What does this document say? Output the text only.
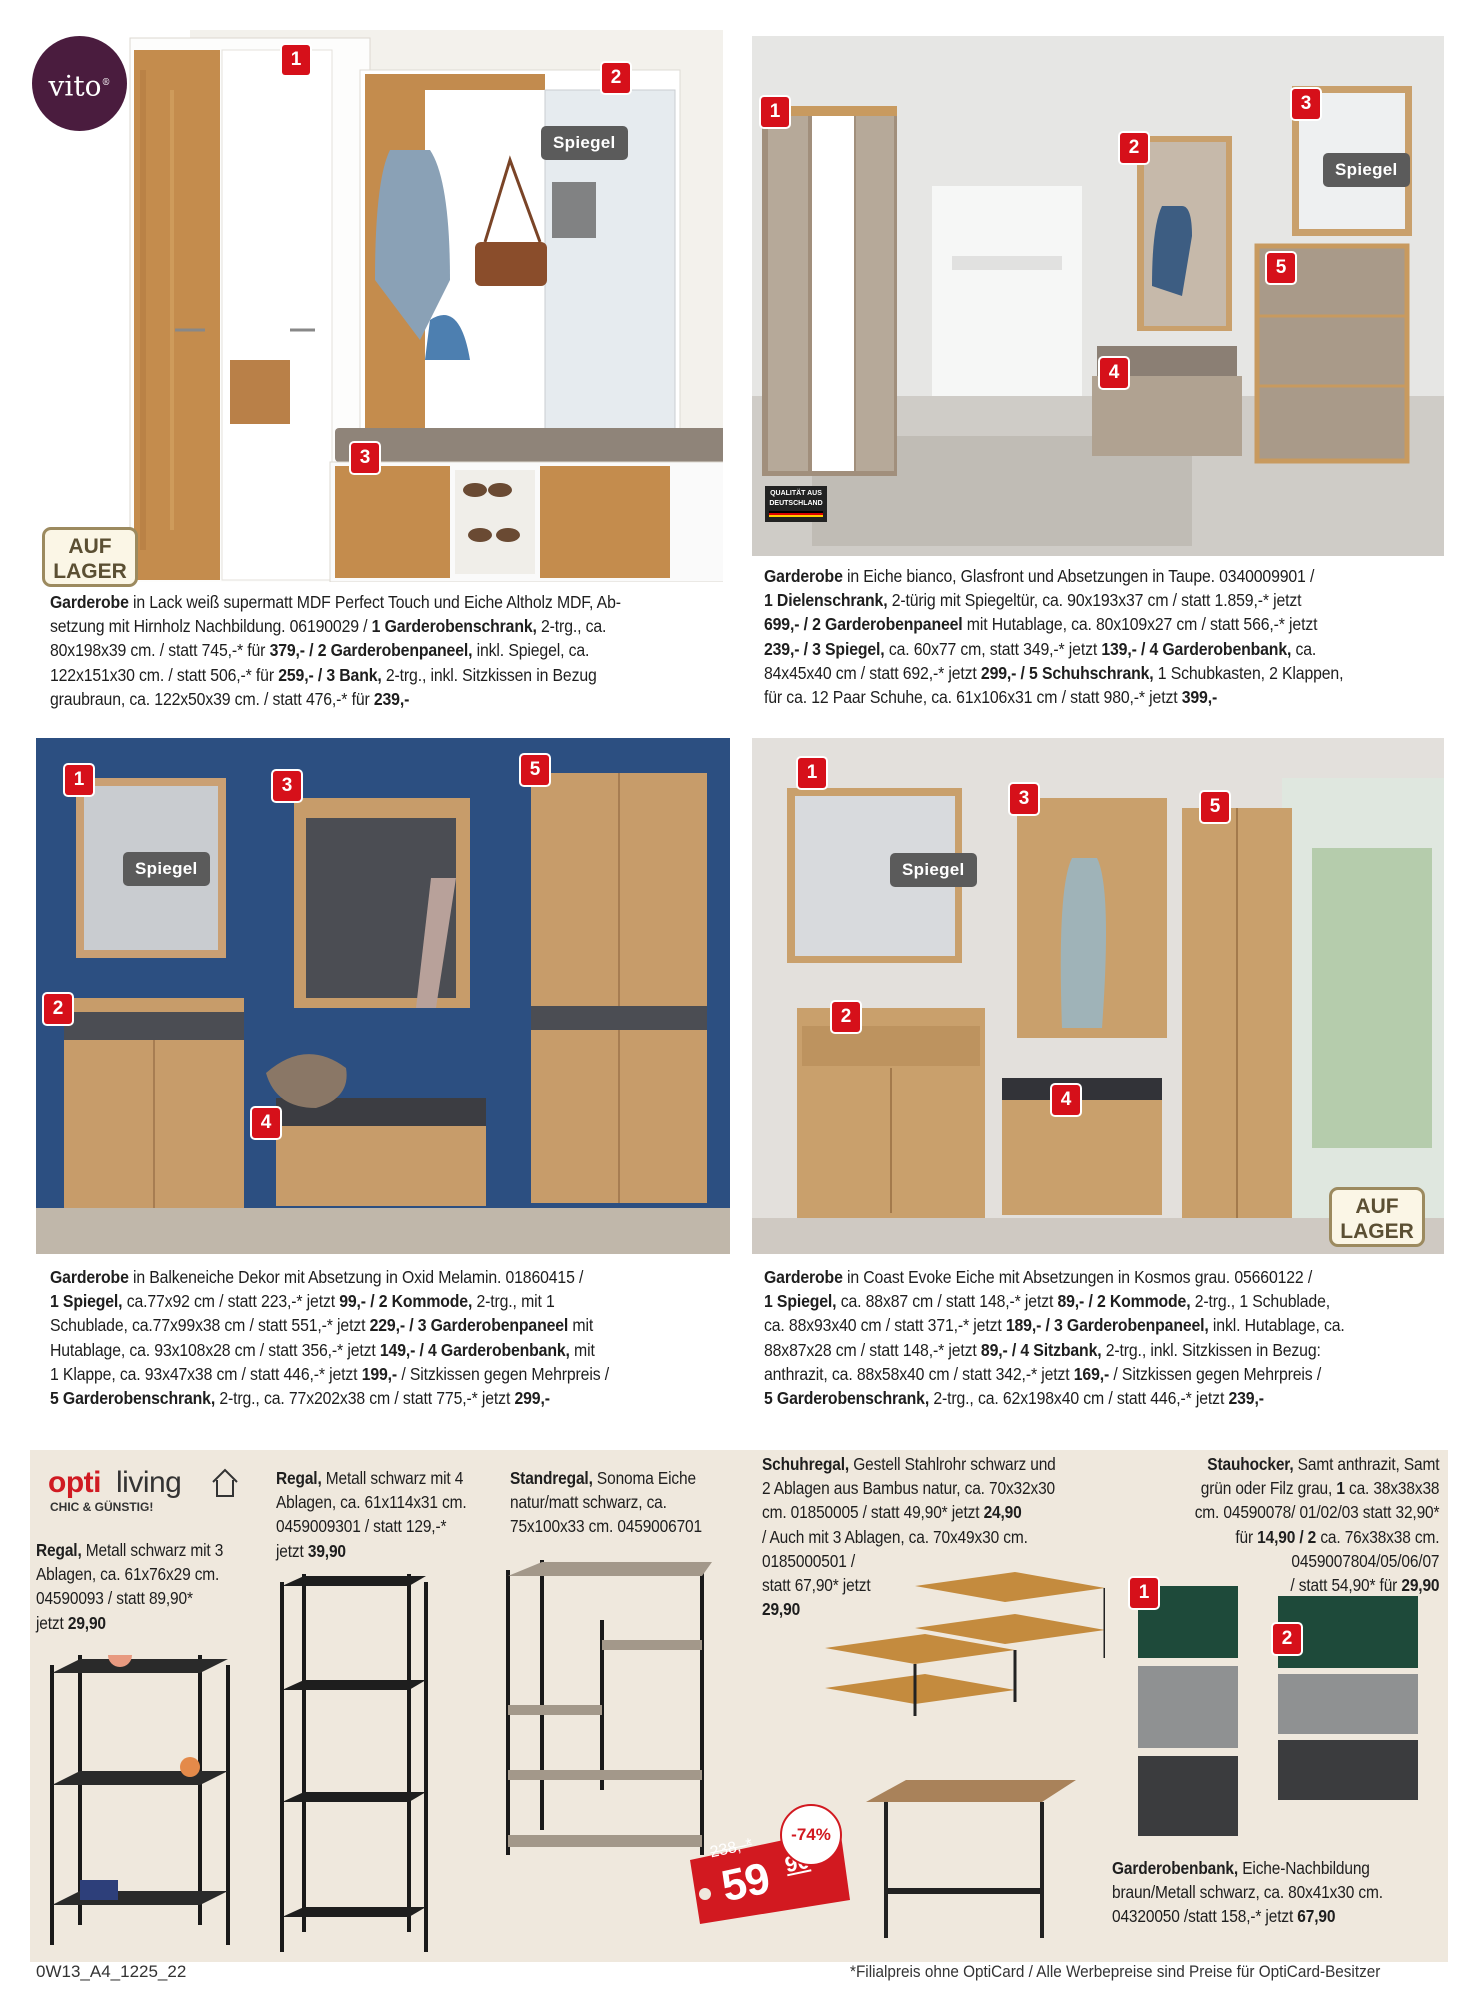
vito®
1
2
3
Spiegel
AUF
LAGER
1
2
3
4
5
Spiegel
QUALITÄT AUS
DEUTSCHLAND
1
2
3
4
5
Spiegel
1
2
3
4
5
Spiegel
AUF
LAGER
Garderobe in Lack weiß supermatt MDF Perfect Touch und Eiche Altholz MDF, Ab-
setzung mit Hirnholz Nachbildung. 06190029 / 1 Garderobenschrank, 2-trg., ca.
80x198x39 cm. / statt 745,-* für 379,- / 2 Garderobenpaneel, inkl. Spiegel, ca.
122x151x30 cm. / statt 506,-* für 259,- / 3 Bank, 2-trg., inkl. Sitzkissen in Bezug
graubraun, ca. 122x50x39 cm. / statt 476,-* für 239,-
Garderobe in Eiche bianco, Glasfront und Absetzungen in Taupe. 0340009901 /
1 Dielenschrank, 2-türig mit Spiegeltür, ca. 90x193x37 cm / statt 1.859,-* jetzt
699,- / 2 Garderobenpaneel mit Hutablage, ca. 80x109x27 cm / statt 566,-* jetzt
239,- / 3 Spiegel, ca. 60x77 cm, statt 349,-* jetzt 139,- / 4 Garderobenbank, ca.
84x45x40 cm / statt 692,-* jetzt 299,- / 5 Schuhschrank, 1 Schubkasten, 2 Klappen,
für ca. 12 Paar Schuhe, ca. 61x106x31 cm / statt 980,-* jetzt 399,-
Garderobe in Balkeneiche Dekor mit Absetzung in Oxid Melamin. 01860415 /
1 Spiegel, ca.77x92 cm / statt 223,-* jetzt 99,- / 2 Kommode, 2-trg., mit 1
Schublade, ca.77x99x38 cm / statt 551,-* jetzt 229,- / 3 Garderobenpaneel mit
Hutablage, ca. 93x108x28 cm / statt 356,-* jetzt 149,- / 4 Garderobenbank, mit
1 Klappe, ca. 93x47x38 cm / statt 446,-* jetzt 199,- / Sitzkissen gegen Mehrpreis /
5 Garderobenschrank, 2-trg., ca. 77x202x38 cm / statt 775,-* jetzt 299,-
Garderobe in Coast Evoke Eiche mit Absetzungen in Kosmos grau. 05660122 /
1 Spiegel, ca. 88x87 cm / statt 148,-* jetzt 89,- / 2 Kommode, 2-trg., 1 Schublade,
ca. 88x93x40 cm / statt 371,-* jetzt 189,- / 3 Garderobenpaneel, inkl. Hutablage, ca.
88x87x28 cm / statt 148,-* jetzt 89,- / 4 Sitzbank, 2-trg., inkl. Sitzkissen in Bezug:
anthrazit, ca. 88x58x40 cm / statt 342,-* jetzt 169,- / Sitzkissen gegen Mehrpreis /
5 Garderobenschrank, 2-trg., ca. 62x198x40 cm / statt 446,-* jetzt 239,-
opti living
CHIC & GÜNSTIG!
Regal, Metall schwarz mit 3
Ablagen, ca. 61x76x29 cm.
04590093 / statt 89,90*
jetzt 29,90
Regal, Metall schwarz mit 4
Ablagen, ca. 61x114x31 cm.
0459009301 / statt 129,-*
jetzt 39,90
Standregal, Sonoma Eiche
natur/matt schwarz, ca.
75x100x33 cm. 0459006701
Schuhregal, Gestell Stahlrohr schwarz und
2 Ablagen aus Bambus natur, ca. 70x32x30
cm. 01850005 / statt 49,90* jetzt 24,90
/ Auch mit 3 Ablagen, ca. 70x49x30 cm.
0185000501 /
statt 67,90* jetzt
29,90
Stauhocker, Samt anthrazit, Samt
grün oder Filz grau, 1 ca. 38x38x38
cm. 04590078/ 01/02/03 statt 32,90*
für 14,90 / 2 ca. 76x38x38 cm.
0459007804/05/06/07
/ statt 54,90* für 29,90
Garderobenbank, Eiche-Nachbildung
braun/Metall schwarz, ca. 80x41x30 cm.
04320050 /statt 158,-* jetzt 67,90
1
2
238,-*
59
-74%
0W13_A4_1225_22	*Filialpreis ohne OptiCard / Alle Werbepreise sind Preise für OptiCard-Besitzer
